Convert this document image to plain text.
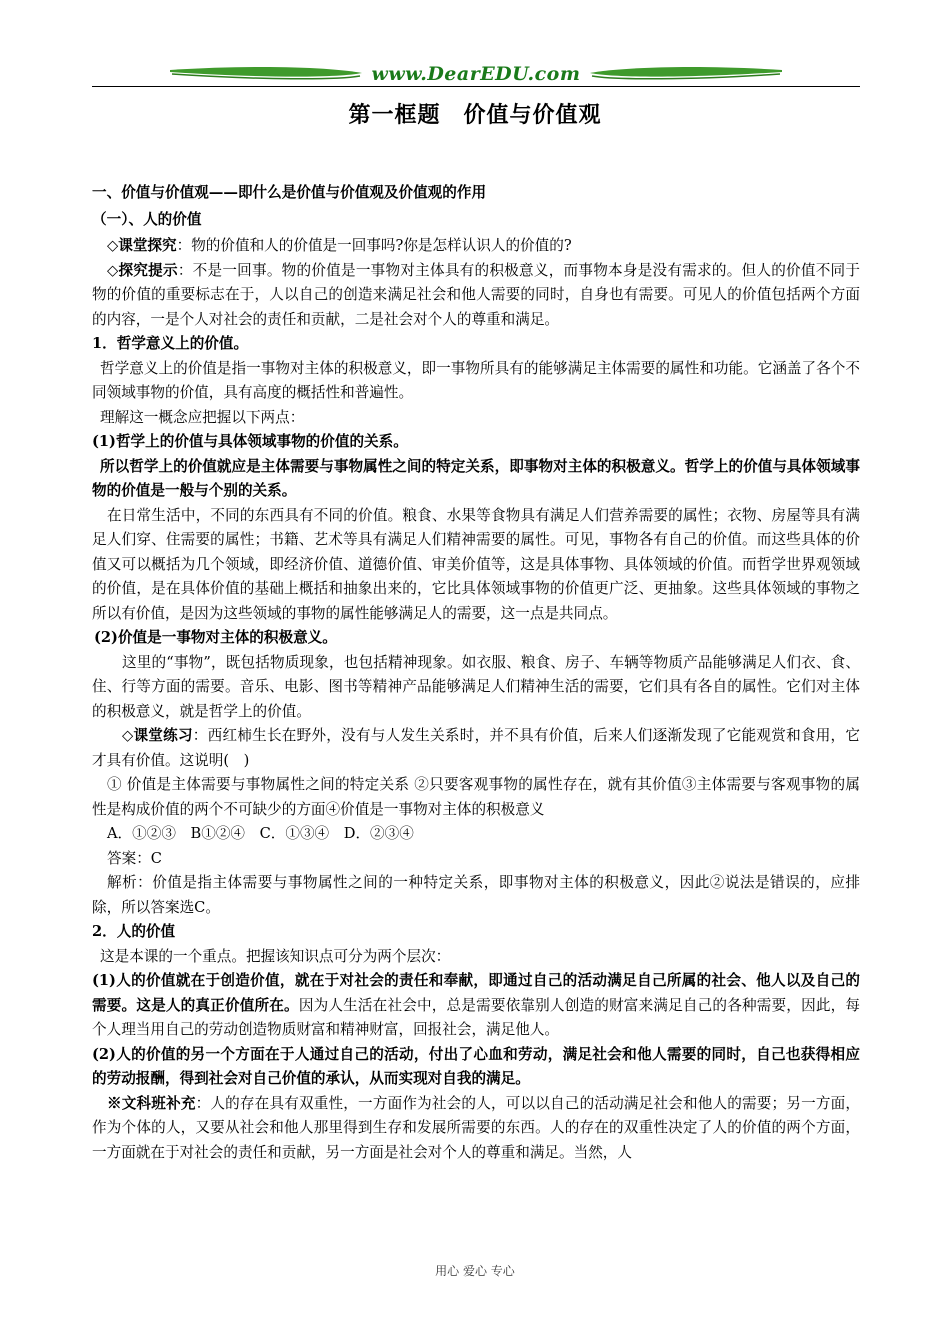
www.DearEDU.com
第一框题　价值与价值观

一、价值与价值观——即什么是价值与价值观及价值观的作用

（一）、人的价值

◇课堂探究：物的价值和人的价值是一回事吗?你是怎样认识人的价值的?

◇探究提示：不是一回事。物的价值是一事物对主体具有的积极意义，而事物本身是没有需求的。但人的价值不同于物的价值的重要标志在于，人以自己的创造来满足社会和他人需要的同时，自身也有需要。可见人的价值包括两个方面的内容，一是个人对社会的责任和贡献，二是社会对个人的尊重和满足。

1．哲学意义上的价值。

哲学意义上的价值是指一事物对主体的积极意义，即一事物所具有的能够满足主体需要的属性和功能。它涵盖了各个不同领域事物的价值，具有高度的概括性和普遍性。

理解这一概念应把握以下两点：

(1)哲学上的价值与具体领域事物的价值的关系。

所以哲学上的价值就应是主体需要与事物属性之间的特定关系，即事物对主体的积极意义。哲学上的价值与具体领域事物的价值是一般与个别的关系。

在日常生活中，不同的东西具有不同的价值。粮食、水果等食物具有满足人们营养需要的属性；衣物、房屋等具有满足人们穿、住需要的属性；书籍、艺术等具有满足人们精神需要的属性。可见，事物各有自己的价值。而这些具体的价值又可以概括为几个领域，即经济价值、道德价值、审美价值等，这是具体事物、具体领域的价值。而哲学世界观领域的价值，是在具体价值的基础上概括和抽象出来的，它比具体领域事物的价值更广泛、更抽象。这些具体领域的事物之所以有价值，是因为这些领域的事物的属性能够满足人的需要，这一点是共同点。

(2)价值是一事物对主体的积极意义。

这里的“事物”，既包括物质现象，也包括精神现象。如衣服、粮食、房子、车辆等物质产品能够满足人们衣、食、住、行等方面的需要。音乐、电影、图书等精神产品能够满足人们精神生活的需要，它们具有各自的属性。它们对主体的积极意义，就是哲学上的价值。

◇课堂练习：西红柿生长在野外，没有与人发生关系时，并不具有价值，后来人们逐渐发现了它能观赏和食用，它才具有价值。这说明(　)

① 价值是主体需要与事物属性之间的特定关系 ②只要客观事物的属性存在，就有其价值③主体需要与客观事物的属性是构成价值的两个不可缺少的方面④价值是一事物对主体的积极意义

A．①②③　B①②④　C．①③④　D．②③④

答案：C

解析：价值是指主体需要与事物属性之间的一种特定关系，即事物对主体的积极意义，因此②说法是错误的，应排除，所以答案选C。

2．人的价值

这是本课的一个重点。把握该知识点可分为两个层次：

(1)人的价值就在于创造价值，就在于对社会的责任和奉献，即通过自己的活动满足自己所属的社会、他人以及自己的需要。这是人的真正价值所在。因为人生活在社会中，总是需要依靠别人创造的财富来满足自己的各种需要，因此，每个人理当用自己的劳动创造物质财富和精神财富，回报社会，满足他人。

(2)人的价值的另一个方面在于人通过自己的活动，付出了心血和劳动，满足社会和他人需要的同时，自己也获得相应的劳动报酬，得到社会对自己价值的承认，从而实现对自我的满足。

※文科班补充：人的存在具有双重性，一方面作为社会的人，可以以自己的活动满足社会和他人的需要；另一方面，作为个体的人，又要从社会和他人那里得到生存和发展所需要的东西。人的存在的双重性决定了人的价值的两个方面，一方面就在于对社会的责任和贡献，另一方面是社会对个人的尊重和满足。当然，人

用心 爱心 专心
